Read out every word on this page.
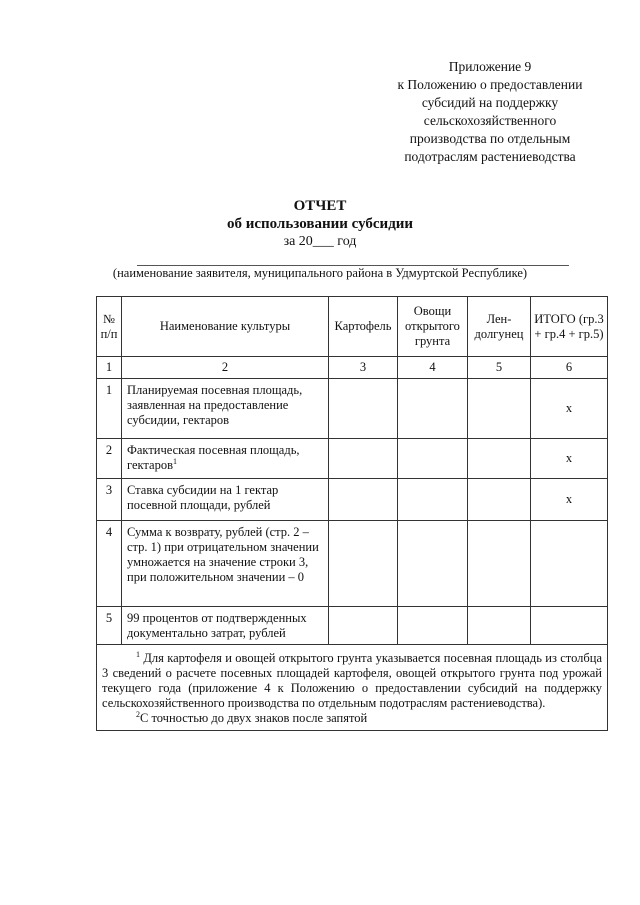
Приложение 9
к Положению о предоставлении
субсидий на поддержку
сельскохозяйственного
производства по отдельным
подотраслям растениеводства
ОТЧЕТ
об использовании субсидии
за 20___ год
(наименование заявителя, муниципального района в Удмуртской Республике)
№ п/п	Наименование культуры	Картофель	Овощи открытого грунта	Лен-долгунец	ИТОГО (гр.3 + гр.4 + гр.5)
1	2	3	4	5	6
1	Планируемая посевная площадь, заявленная на предоставление субсидии, гектаров				x
2	Фактическая посевная площадь, гектаров$^1$				x
3	Ставка субсидии на 1 гектар посевной площади, рублей				x
4	Сумма к возврату, рублей (стр. 2 – стр. 1) при отрицательном значении умножается на значение строки 3, при положительном значении – 0				
5	99 процентов от подтвержденных документально затрат, рублей				

$^1$ Для картофеля и овощей открытого грунта указывается посевная площадь из столбца 3 сведений о расчете посевных площадей картофеля, овощей открытого грунта под урожай текущего года (приложение 4 к Положению о предоставлении субсидий на поддержку сельскохозяйственного производства по отдельным подотраслям растениеводства).

$^2$С точностью до двух знаков после запятой					
